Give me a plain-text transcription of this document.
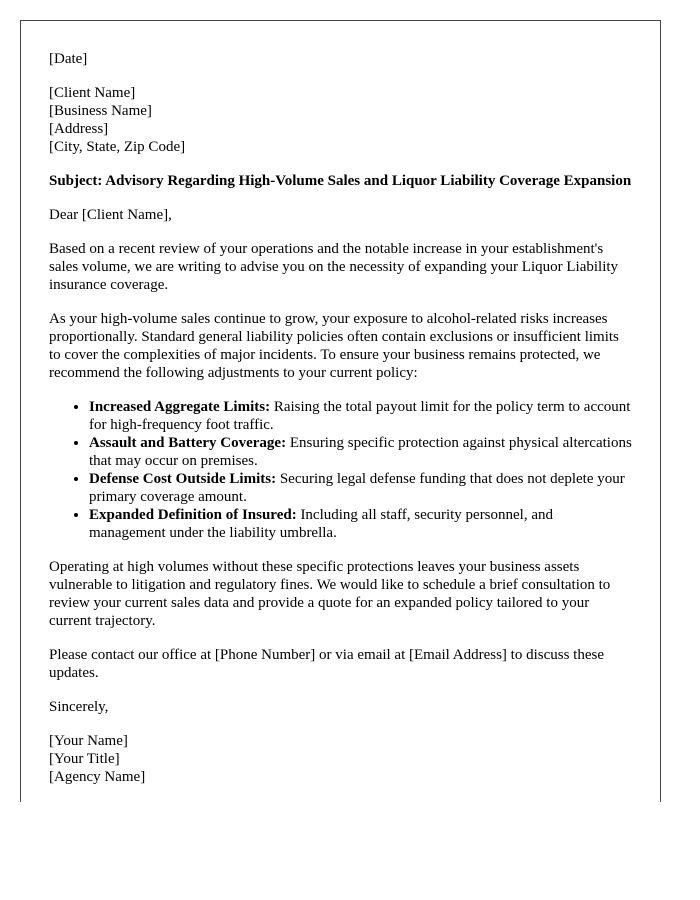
[Date]

[Client Name]
[Business Name]
[Address]
[City, State, Zip Code]

Subject: Advisory Regarding High-Volume Sales and Liquor Liability Coverage Expansion

Dear [Client Name],

Based on a recent review of your operations and the notable increase in your establishment's sales volume, we are writing to advise you on the necessity of expanding your Liquor Liability insurance coverage.

As your high-volume sales continue to grow, your exposure to alcohol-related risks increases proportionally. Standard general liability policies often contain exclusions or insufficient limits to cover the complexities of major incidents. To ensure your business remains protected, we recommend the following adjustments to your current policy:

• Increased Aggregate Limits: Raising the total payout limit for the policy term to account for high-frequency foot traffic.
• Assault and Battery Coverage: Ensuring specific protection against physical altercations that may occur on premises.
• Defense Cost Outside Limits: Securing legal defense funding that does not deplete your primary coverage amount.
• Expanded Definition of Insured: Including all staff, security personnel, and management under the liability umbrella.

Operating at high volumes without these specific protections leaves your business assets vulnerable to litigation and regulatory fines. We would like to schedule a brief consultation to review your current sales data and provide a quote for an expanded policy tailored to your current trajectory.

Please contact our office at [Phone Number] or via email at [Email Address] to discuss these updates.

Sincerely,

[Your Name]
[Your Title]
[Agency Name]
